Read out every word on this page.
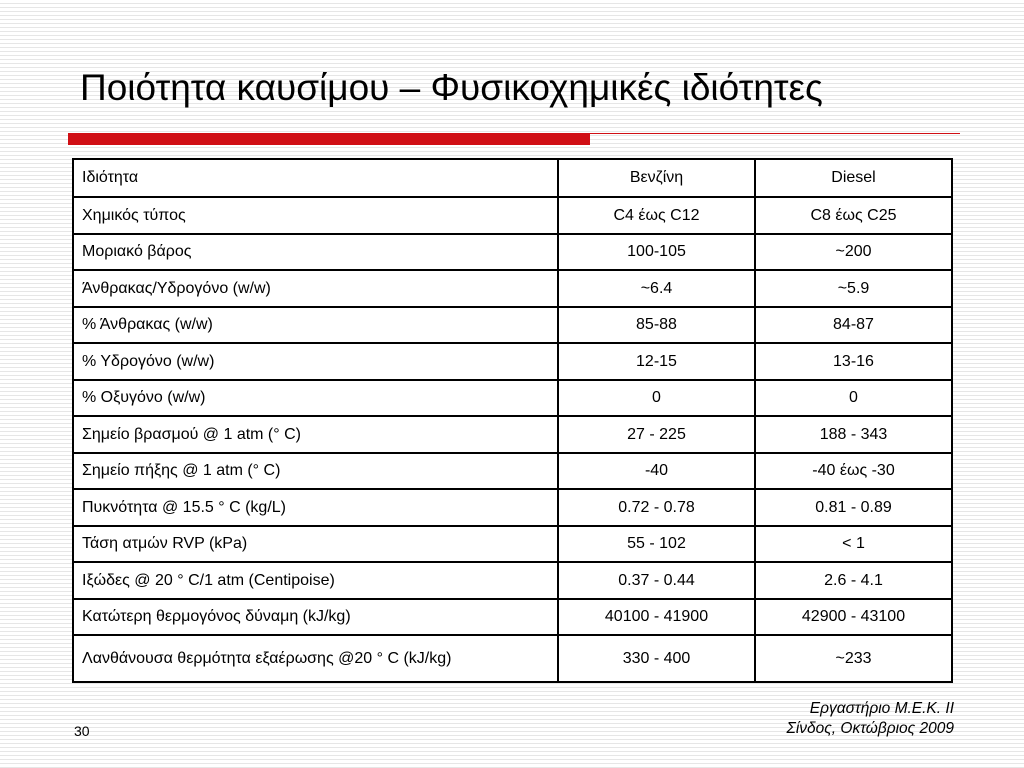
Ποιότητα καυσίμου – Φυσικοχημικές ιδιότητες
Ιδιότητα	Βενζίνη	Diesel
Χημικός τύπος	C4 έως C12	C8 έως C25
Μοριακό βάρος	100-105	~200
Άνθρακας/Υδρογόνο (w/w)	~6.4	~5.9
% Άνθρακας (w/w)	85-88	84-87
% Υδρογόνο (w/w)	12-15	13-16
% Οξυγόνο (w/w)	0	0
Σημείο βρασμού @ 1 atm (° C)	27 - 225	188 - 343
Σημείο πήξης @ 1 atm (° C)	-40	-40 έως -30
Πυκνότητα @ 15.5 ° C (kg/L)	0.72 - 0.78	0.81 - 0.89
Τάση ατμών RVP (kPa)	55 - 102	< 1
Ιξώδες @ 20 ° C/1 atm (Centipoise)	0.37 - 0.44	2.6 - 4.1
Κατώτερη θερμογόνος δύναμη (kJ/kg)	40100 - 41900	42900 - 43100
Λανθάνουσα θερμότητα εξαέρωσης @20 ° C (kJ/kg)	330 - 400	~233
Εργαστήριο Μ.Ε.Κ. ΙΙ
Σίνδος, Οκτώβριος 2009
30
